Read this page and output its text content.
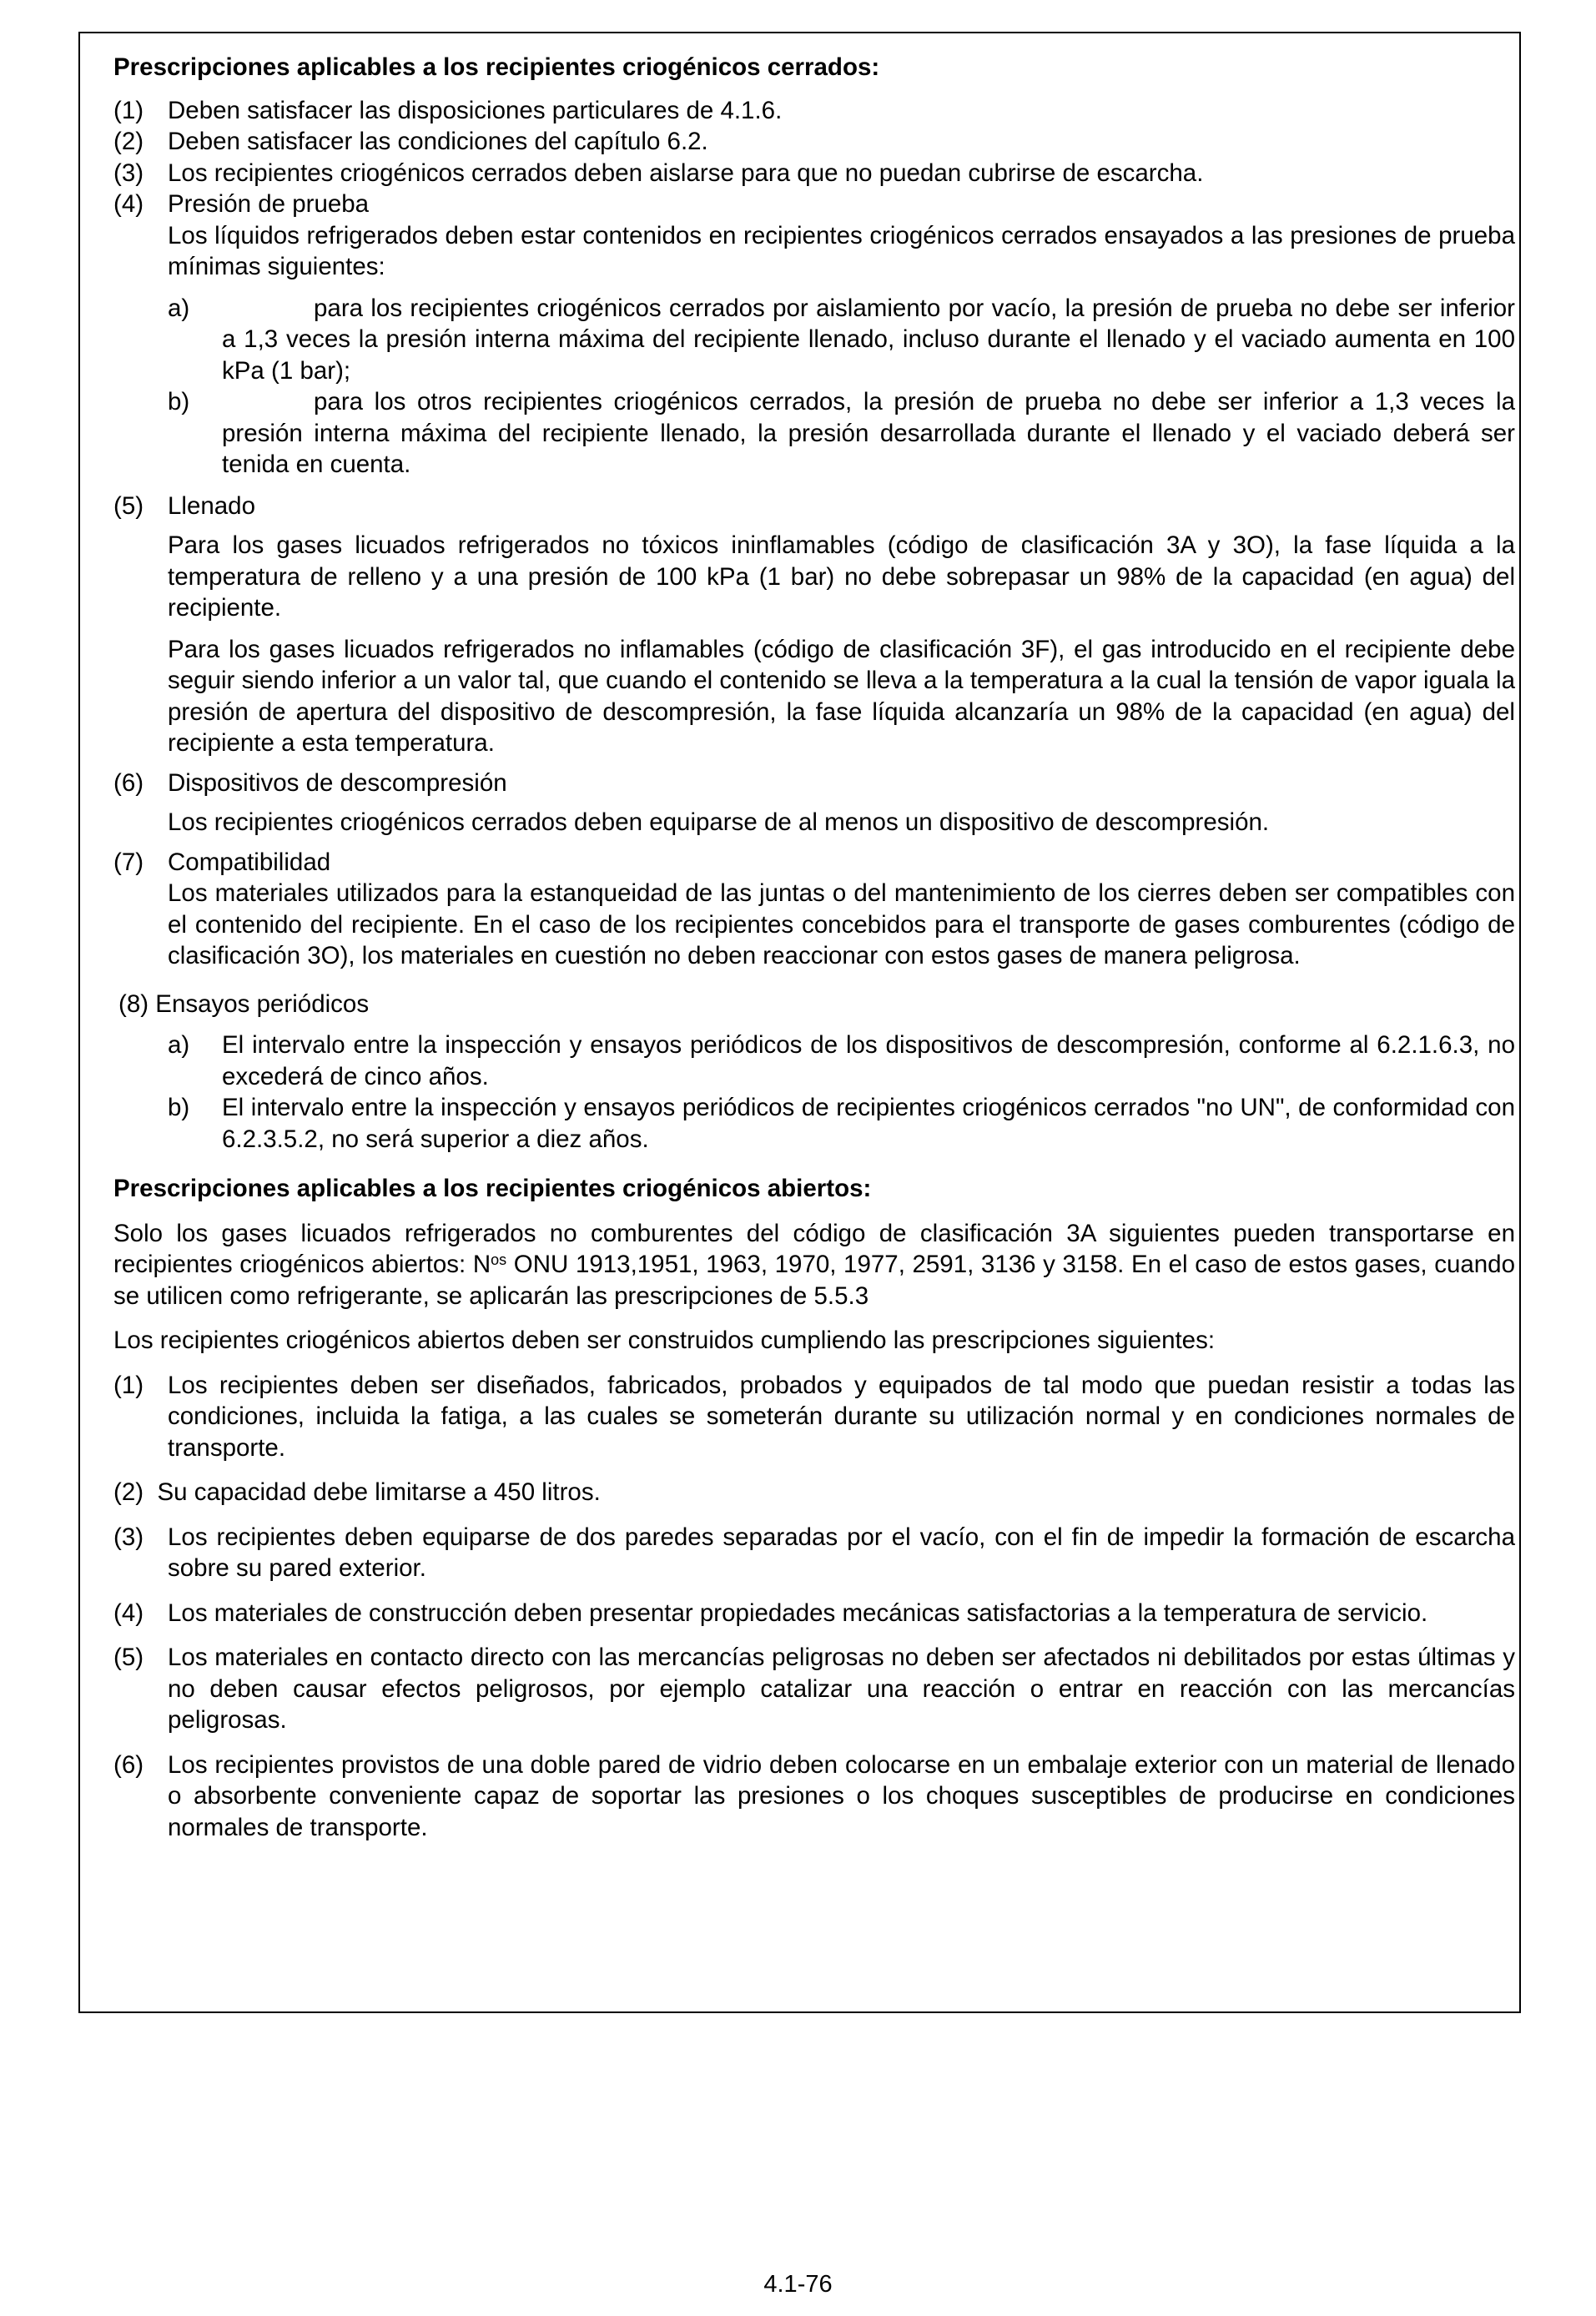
Prescripciones aplicables a los recipientes criogénicos cerrados:

(1) Deben satisfacer las disposiciones particulares de 4.1.6.

(2) Deben satisfacer las condiciones del capítulo 6.2.

(3) Los recipientes criogénicos cerrados deben aislarse para que no puedan cubrirse de escarcha.

(4) Presión de prueba

Los líquidos refrigerados deben estar contenidos en recipientes criogénicos cerrados ensayados a las presiones de prueba mínimas siguientes:

a)	para los recipientes criogénicos cerrados por aislamiento por vacío, la presión de prueba no debe ser inferior a 1,3 veces la presión interna máxima del recipiente llenado, incluso durante el llenado y el vaciado aumenta en 100 kPa (1 bar);

b)	para los otros recipientes criogénicos cerrados, la presión de prueba no debe ser inferior a 1,3 veces la presión interna máxima del recipiente llenado, la presión desarrollada durante el llenado y el vaciado deberá ser tenida en cuenta.

(5) Llenado

Para los gases licuados refrigerados no tóxicos ininflamables (código de clasificación 3A y 3O), la fase líquida a la temperatura de relleno y a una presión de 100 kPa (1 bar) no debe sobrepasar un 98% de la capacidad (en agua) del recipiente.

Para los gases licuados refrigerados no inflamables (código de clasificación 3F), el gas introducido en el recipiente debe seguir siendo inferior a un valor tal, que cuando el contenido se lleva a la temperatura a la cual la tensión de vapor iguala la presión de apertura del dispositivo de descompresión, la fase líquida alcanzaría un 98% de la capacidad (en agua) del recipiente a esta temperatura.

(6) Dispositivos de descompresión

Los recipientes criogénicos cerrados deben equiparse de al menos un dispositivo de descompresión.

(7) Compatibilidad

Los materiales utilizados para la estanqueidad de las juntas o del mantenimiento de los cierres deben ser compatibles con el contenido del recipiente. En el caso de los recipientes concebidos para el transporte de gases comburentes (código de clasificación 3O), los materiales en cuestión no deben reaccionar con estos gases de manera peligrosa.

(8) Ensayos periódicos

a) El intervalo entre la inspección y ensayos periódicos de los dispositivos de descompresión, conforme al 6.2.1.6.3, no excederá de cinco años.

b) El intervalo entre la inspección y ensayos periódicos de recipientes criogénicos cerrados "no UN", de conformidad con 6.2.3.5.2, no será superior a diez años.

Prescripciones aplicables a los recipientes criogénicos abiertos:

Solo los gases licuados refrigerados no comburentes del código de clasificación 3A siguientes pueden transportarse en recipientes criogénicos abiertos: $N^{os}$ ONU 1913,1951, 1963, 1970, 1977, 2591, 3136 y 3158. En el caso de estos gases, cuando se utilicen como refrigerante, se aplicarán las prescripciones de 5.5.3

Los recipientes criogénicos abiertos deben ser construidos cumpliendo las prescripciones siguientes:

(1) Los recipientes deben ser diseñados, fabricados, probados y equipados de tal modo que puedan resistir a todas las condiciones, incluida la fatiga, a las cuales se someterán durante su utilización normal y en condiciones normales de transporte.

(2) Su capacidad debe limitarse a 450 litros.

(3) Los recipientes deben equiparse de dos paredes separadas por el vacío, con el fin de impedir la formación de escarcha sobre su pared exterior.

(4) Los materiales de construcción deben presentar propiedades mecánicas satisfactorias a la temperatura de servicio.

(5) Los materiales en contacto directo con las mercancías peligrosas no deben ser afectados ni debilitados por estas últimas y no deben causar efectos peligrosos, por ejemplo catalizar una reacción o entrar en reacción con las mercancías peligrosas.

(6) Los recipientes provistos de una doble pared de vidrio deben colocarse en un embalaje exterior con un material de llenado o absorbente conveniente capaz de soportar las presiones o los choques susceptibles de producirse en condiciones normales de transporte.

4.1-76
